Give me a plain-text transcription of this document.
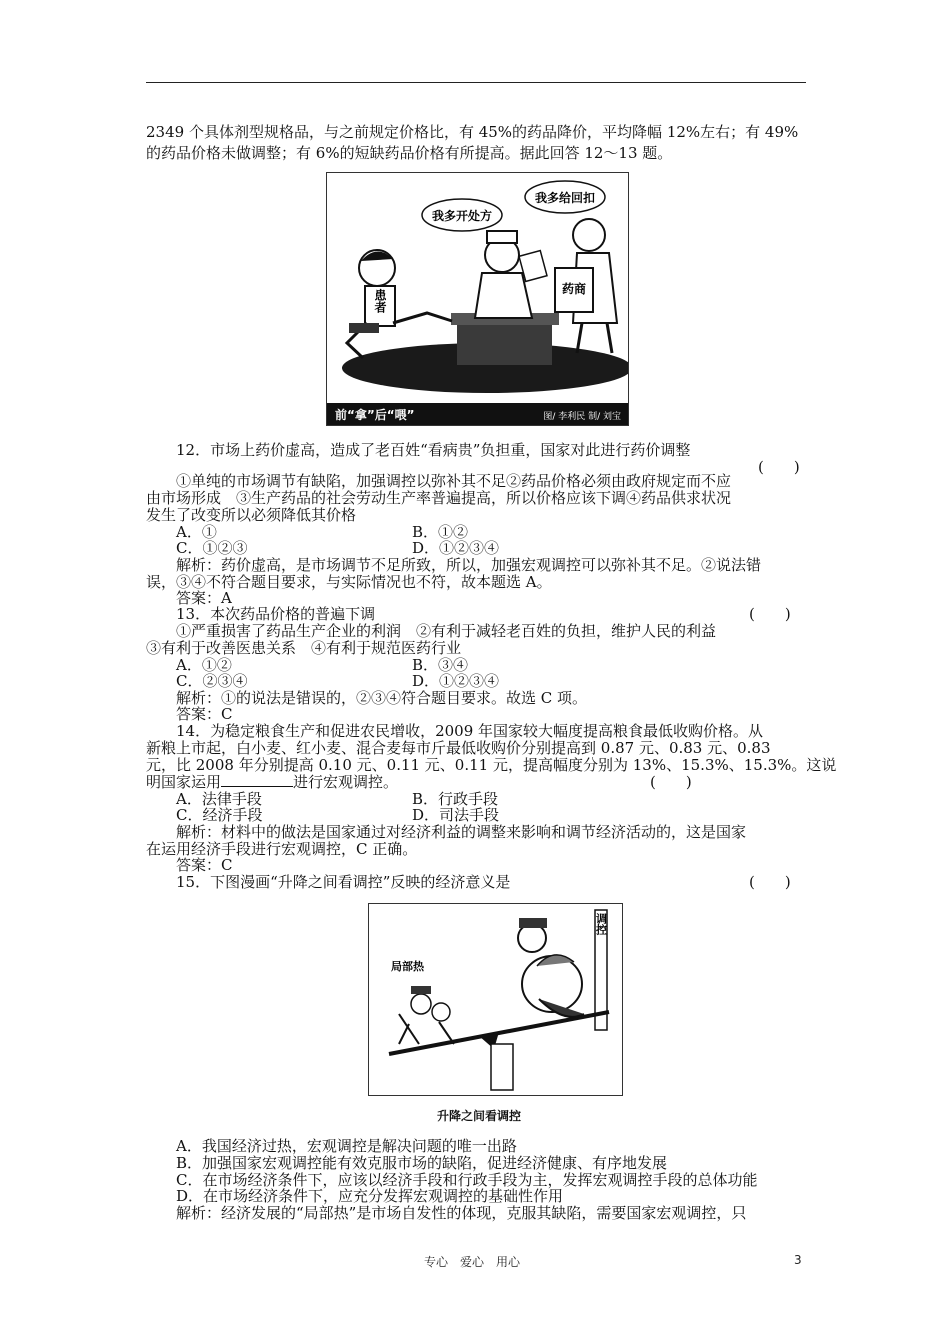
2349 个具体剂型规格品，与之前规定价格比，有 45%的药品降价，平均降幅 12%左右；有 49%
的药品价格未做调整；有 6%的短缺药品价格有所提高。据此回答 12～13 题。
我多开处方
我多给回扣
患者	药商
前“拿”后“喂”	图/ 李利民 制/ 刘宝
12．市场上药价虚高，造成了老百姓“看病贵”负担重，国家对此进行药价调整
(　　)
①单纯的市场调节有缺陷，加强调控以弥补其不足②药品价格必须由政府规定而不应
由市场形成　③生产药品的社会劳动生产率普遍提高，所以价格应该下调④药品供求状况
发生了改变所以必须降低其价格
A．①	B．①②
C．①②③	D．①②③④
解析：药价虚高，是市场调节不足所致，所以，加强宏观调控可以弥补其不足。②说法错
误，③④不符合题目要求，与实际情况也不符，故本题选 A。
答案：A
13．本次药品价格的普遍下调	(　　)
①严重损害了药品生产企业的利润　②有利于减轻老百姓的负担，维护人民的利益
③有利于改善医患关系　④有利于规范医药行业
A．①②	B．③④
C．②③④	D．①②③④
解析：①的说法是错误的，②③④符合题目要求。故选 C 项。
答案：C
14．为稳定粮食生产和促进农民增收，2009 年国家较大幅度提高粮食最低收购价格。从
新粮上市起，白小麦、红小麦、混合麦每市斤最低收购价分别提高到 0.87 元、0.83 元、0.83
元，比 2008 年分别提高 0.10 元、0.11 元、0.11 元，提高幅度分别为 13%、15.3%、15.3%。这说
明国家运用	进行宏观调控。	(　　)
A．法律手段	B．行政手段
C．经济手段	D．司法手段
解析：材料中的做法是国家通过对经济利益的调整来影响和调节经济活动的，这是国家
在运用经济手段进行宏观调控，C 正确。
答案：C
15．下图漫画“升降之间看调控”反映的经济意义是	(　　)
调控
局部热
升降之间看调控
A．我国经济过热，宏观调控是解决问题的唯一出路
B．加强国家宏观调控能有效克服市场的缺陷，促进经济健康、有序地发展
C．在市场经济条件下，应该以经济手段和行政手段为主，发挥宏观调控手段的总体功能
D．在市场经济条件下，应充分发挥宏观调控的基础性作用
解析：经济发展的“局部热”是市场自发性的体现，克服其缺陷，需要国家宏观调控，只
专心　爱心　用心	3
